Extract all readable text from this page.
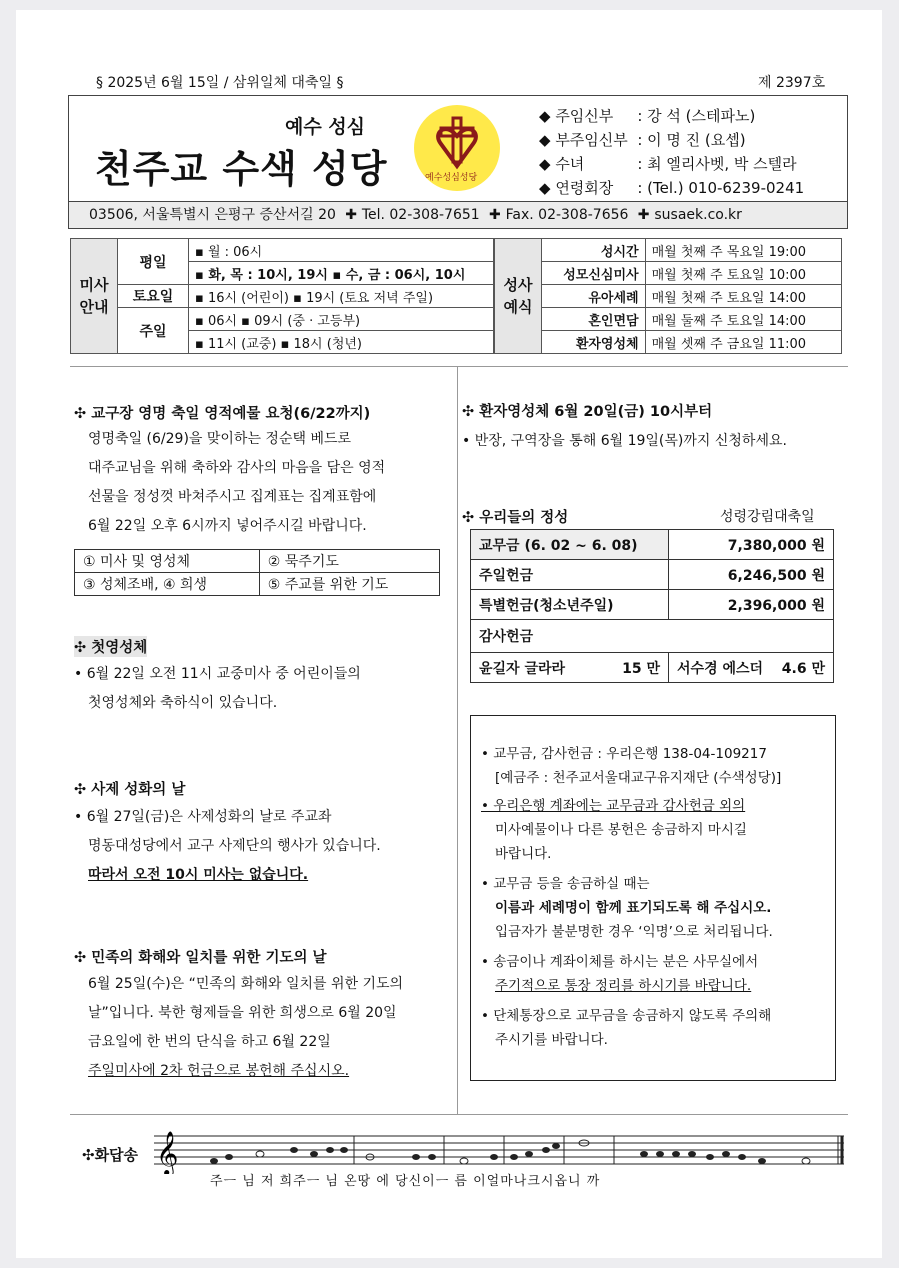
§ 2025년 6월 15일 / 삼위일체 대축일 §	제 2397호
예수 성심
천주교 수색 성당	예수성심성당
◆ 주임신부 : 강 석 (스테파노)
◆ 부주임신부 : 이 명 진 (요셉)
◆ 수녀	: 최 엘리사벳, 박 스텔라
◆ 연령회장 : (Tel.) 010-6239-0241
03506, 서울특별시 은평구 증산서길 20  ✚ Tel. 02-308-7651  ✚ Fax. 02-308-7656  ✚ susaek.co.kr
미사
안내	평일	▪ 월 : 06시
		▪ 화, 목 : 10시, 19시 ▪ 수, 금 : 06시, 10시
	토요일	▪ 16시 (어린이) ▪ 19시 (토요 저녁 주일)
	주일	▪ 06시 ▪ 09시 (중 · 고등부)
		▪ 11시 (교중) ▪ 18시 (청년)
성사
예식	성시간	매월 첫째 주 목요일 19:00
	성모신심미사	매월 첫째 주 토요일 10:00
	유아세례	매월 첫째 주 토요일 14:00
	혼인면담	매월 둘째 주 토요일 14:00
	환자영성체	매월 셋째 주 금요일 11:00
✣ 교구장 영명 축일 영적예물 요청(6/22까지)
영명축일 (6/29)을 맞이하는 정순택 베드로
대주교님을 위해 축하와 감사의 마음을 담은 영적
선물을 정성껏 바쳐주시고 집계표는 집계표함에
6월 22일 오후 6시까지 넣어주시길 바랍니다.
① 미사 및 영성체	② 묵주기도
③ 성체조배, ④ 희생	⑤ 주교를 위한 기도
✣ 첫영성체
• 6월 22일 오전 11시 교중미사 중 어린이들의
첫영성체와 축하식이 있습니다.
✣ 사제 성화의 날
• 6월 27일(금)은 사제성화의 날로 주교좌
명동대성당에서 교구 사제단의 행사가 있습니다.
따라서 오전 10시 미사는 없습니다.
✣ 민족의 화해와 일치를 위한 기도의 날
6월 25일(수)은 “민족의 화해와 일치를 위한 기도의
날”입니다. 북한 형제들을 위한 희생으로 6월 20일
금요일에 한 번의 단식을 하고 6월 22일
주일미사에 2차 헌금으로 봉헌해 주십시오.
✣ 환자영성체 6월 20일(금) 10시부터
• 반장, 구역장을 통해 6월 19일(목)까지 신청하세요.
✣ 우리들의 정성	성령강림대축일
교무금 (6. 02 ~ 6. 08)	7,380,000 원
주일헌금	6,246,500 원
특별헌금(청소년주일)	2,396,000 원
감사헌금	

윤길자 글라라 15 만	서수경 에스더 4.6 만
• 교무금, 감사헌금 : 우리은행 138-04-109217
[예금주 : 천주교서울대교구유지재단 (수색성당)]
• 우리은행 계좌에는 교무금과 감사헌금 외의
미사예물이나 다른 봉헌은 송금하지 마시길
바랍니다.
• 교무금 등을 송금하실 때는
이름과 세례명이 함께 표기되도록 해 주십시오.
입금자가 불분명한 경우 ‘익명’으로 처리됩니다.
• 송금이나 계좌이체를 하시는 분은 사무실에서
주기적으로 통장 정리를 하시기를 바랍니다.
• 단체통장으로 교무금을 송금하지 않도록 주의해
주시기를 바랍니다.
✣화답송 𝄞
주ㅡ 님 저 희주ㅡ 님 온땅 에 당신이ㅡ 름 이얼마나크시옵니 까
